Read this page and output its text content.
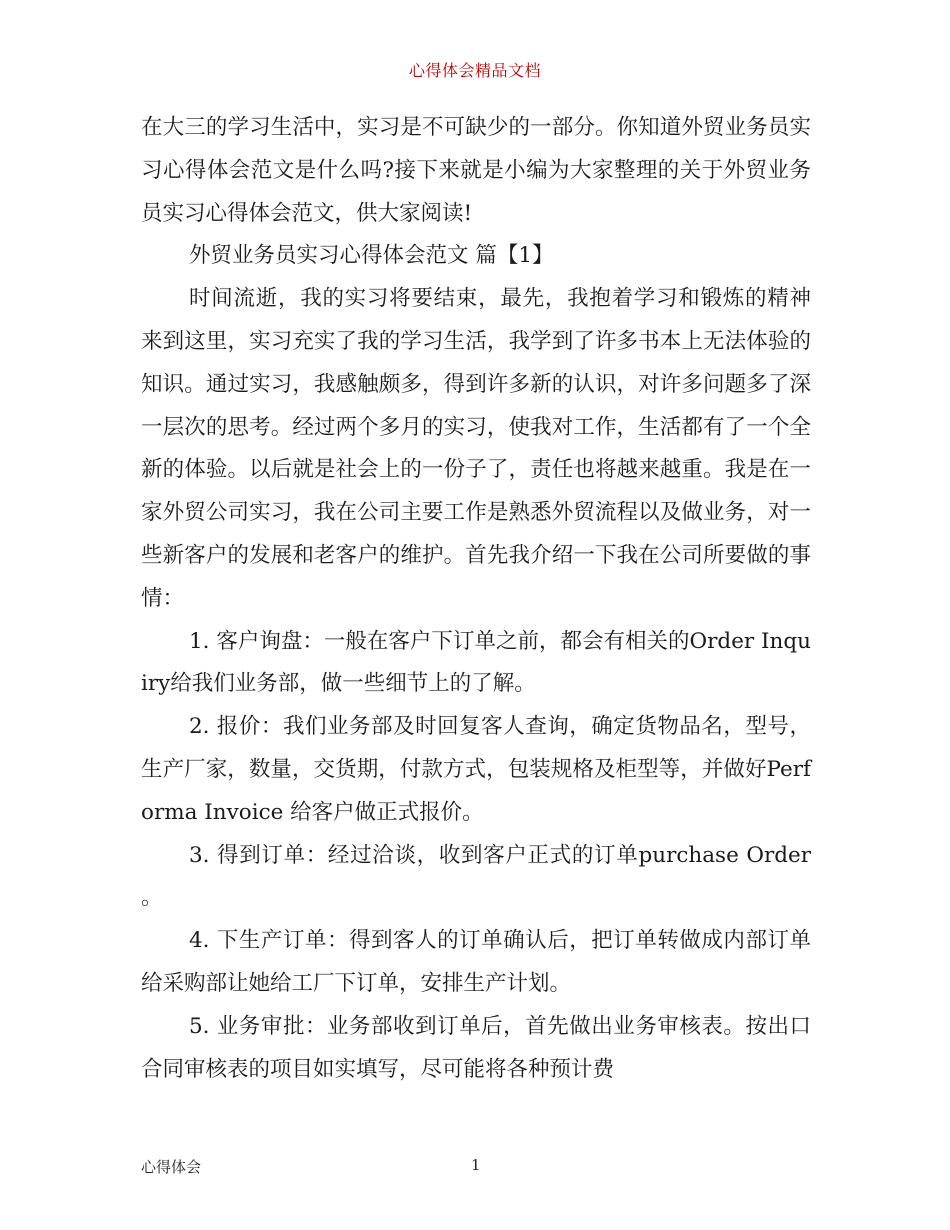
心得体会精品文档

在大三的学习生活中，实习是不可缺少的一部分。你知道外贸业务员实习心得体会范文是什么吗?接下来就是小编为大家整理的关于外贸业务员实习心得体会范文，供大家阅读!

外贸业务员实习心得体会范文 篇【1】

时间流逝，我的实习将要结束，最先，我抱着学习和锻炼的精神来到这里，实习充实了我的学习生活，我学到了许多书本上无法体验的知识。通过实习，我感触颇多，得到许多新的认识，对许多问题多了深一层次的思考。经过两个多月的实习，使我对工作，生活都有了一个全新的体验。以后就是社会上的一份子了，责任也将越来越重。我是在一家外贸公司实习，我在公司主要工作是熟悉外贸流程以及做业务，对一些新客户的发展和老客户的维护。首先我介绍一下我在公司所要做的事情：

1. 客户询盘：一般在客户下订单之前，都会有相关的Order Inquiry给我们业务部，做一些细节上的了解。

2. 报价：我们业务部及时回复客人查询，确定货物品名，型号，生产厂家，数量，交货期，付款方式，包装规格及柜型等，并做好Performa Invoice 给客户做正式报价。

3. 得到订单：经过洽谈，收到客户正式的订单purchase Order。

4. 下生产订单：得到客人的订单确认后，把订单转做成内部订单给采购部让她给工厂下订单，安排生产计划。

5. 业务审批：业务部收到订单后，首先做出业务审核表。按出口合同审核表的项目如实填写，尽可能将各种预计费

心得体会	1
